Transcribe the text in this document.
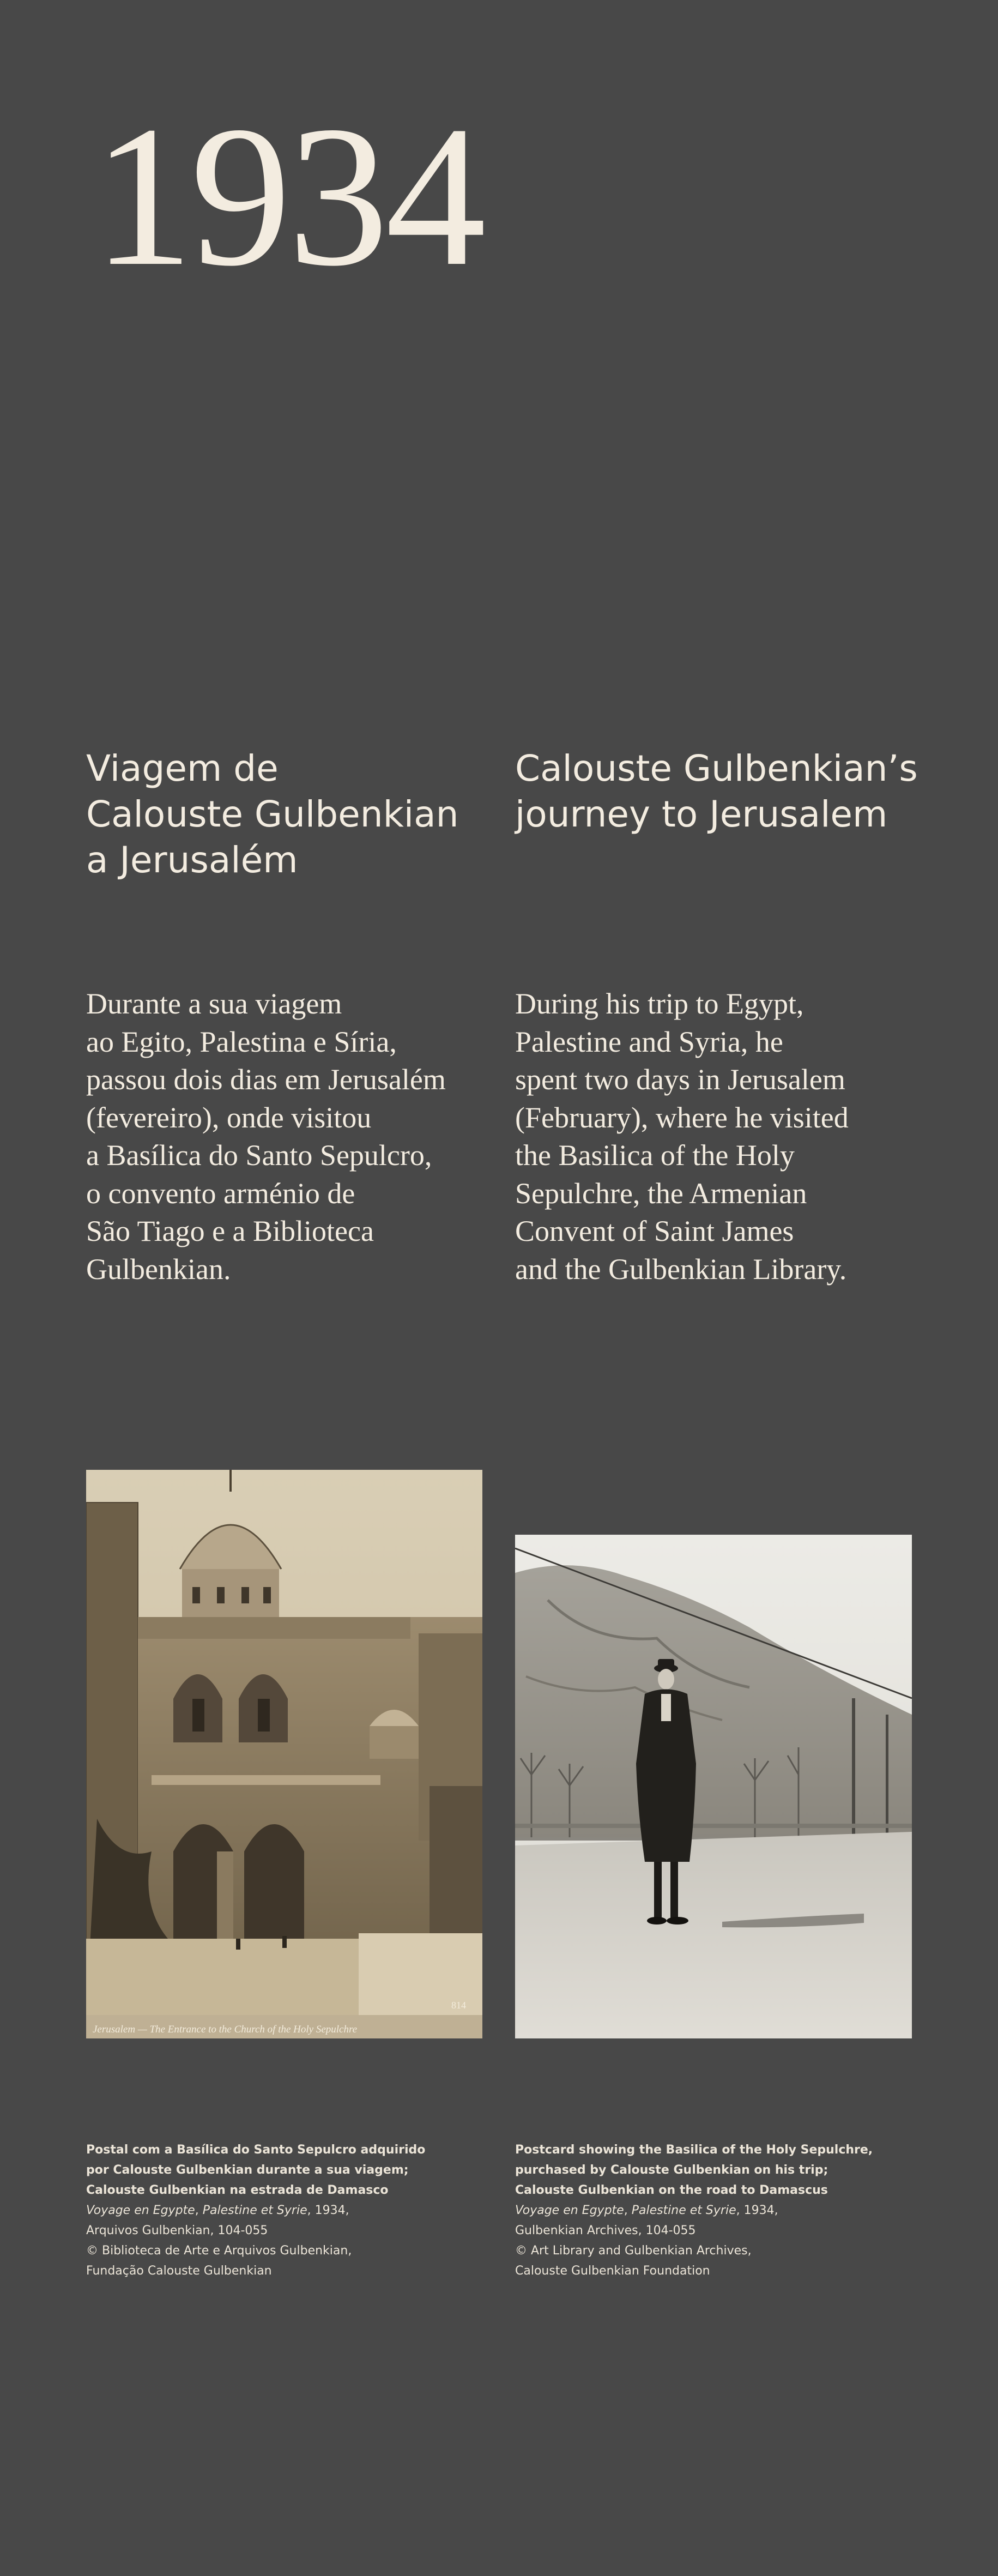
1934
Viagem de
Calouste Gulbenkian
a Jerusalém
Calouste Gulbenkian’s
journey to Jerusalem

Durante a sua viagem
ao Egito, Palestina e Síria,
passou dois dias em Jerusalém
(fevereiro), onde visitou
a Basílica do Santo Sepulcro,
o convento arménio de
São Tiago e a Biblioteca
Gulbenkian.

During his trip to Egypt,
Palestine and Syria, he
spent two days in Jerusalem
(February), where he visited
the Basilica of the Holy
Sepulchre, the Armenian
Convent of Saint James
and the Gulbenkian Library.

Jerusalem — The Entrance to the Church of the Holy Sepulchre
814
Postal com a Basílica do Santo Sepulcro adquirido
por Calouste Gulbenkian durante a sua viagem;
Calouste Gulbenkian na estrada de Damasco
Voyage en Egypte, Palestine et Syrie, 1934,
Arquivos Gulbenkian, 104-055
© Biblioteca de Arte e Arquivos Gulbenkian,
Fundação Calouste Gulbenkian
Postcard showing the Basilica of the Holy Sepulchre,
purchased by Calouste Gulbenkian on his trip;
Calouste Gulbenkian on the road to Damascus
Voyage en Egypte, Palestine et Syrie, 1934,
Gulbenkian Archives, 104-055
© Art Library and Gulbenkian Archives,
Calouste Gulbenkian Foundation
